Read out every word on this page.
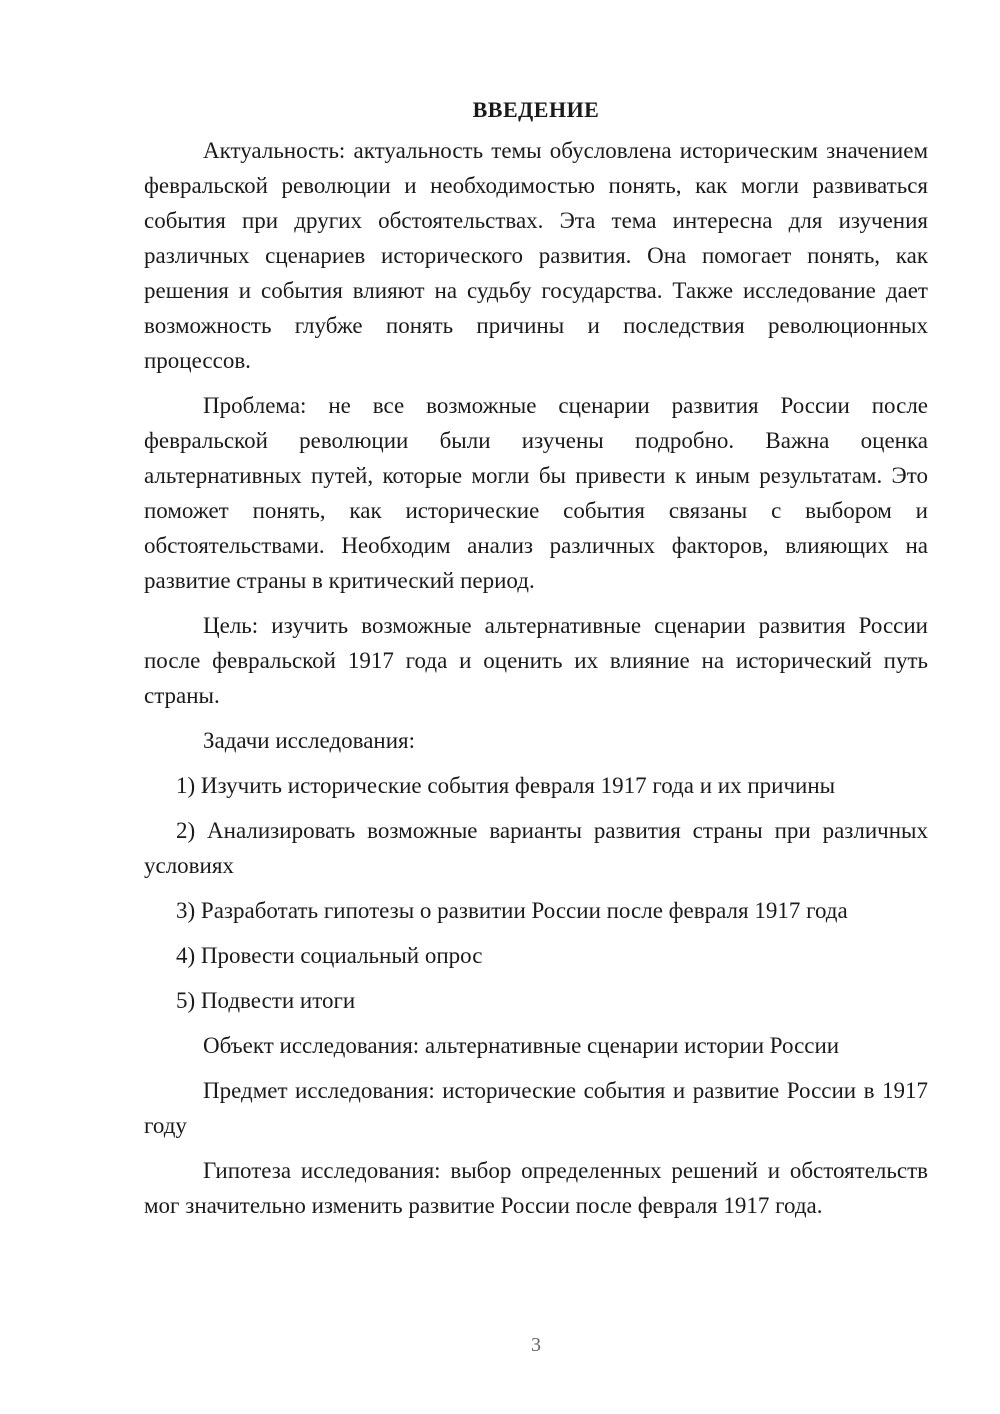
ВВЕДЕНИЕ

Актуальность: актуальность темы обусловлена историческим значением февральской революции и необходимостью понять, как могли развиваться события при других обстоятельствах. Эта тема интересна для изучения различных сценариев исторического развития. Она помогает понять, как решения и события влияют на судьбу государства. Также исследование дает возможность глубже понять причины и последствия революционных процессов.

Проблема: не все возможные сценарии развития России после февральской революции были изучены подробно. Важна оценка альтернативных путей, которые могли бы привести к иным результатам. Это поможет понять, как исторические события связаны с выбором и обстоятельствами. Необходим анализ различных факторов, влияющих на развитие страны в критический период.

Цель: изучить возможные альтернативные сценарии развития России после февральской 1917 года и оценить их влияние на исторический путь страны.

Задачи исследования:

1) Изучить исторические события февраля 1917 года и их причины

2) Анализировать возможные варианты развития страны при различных условиях

3) Разработать гипотезы о развитии России после февраля 1917 года

4) Провести социальный опрос

5) Подвести итоги

Объект исследования: альтернативные сценарии истории России

Предмет исследования: исторические события и развитие России в 1917 году

Гипотеза исследования: выбор определенных решений и обстоятельств мог значительно изменить развитие России после февраля 1917 года.

3
